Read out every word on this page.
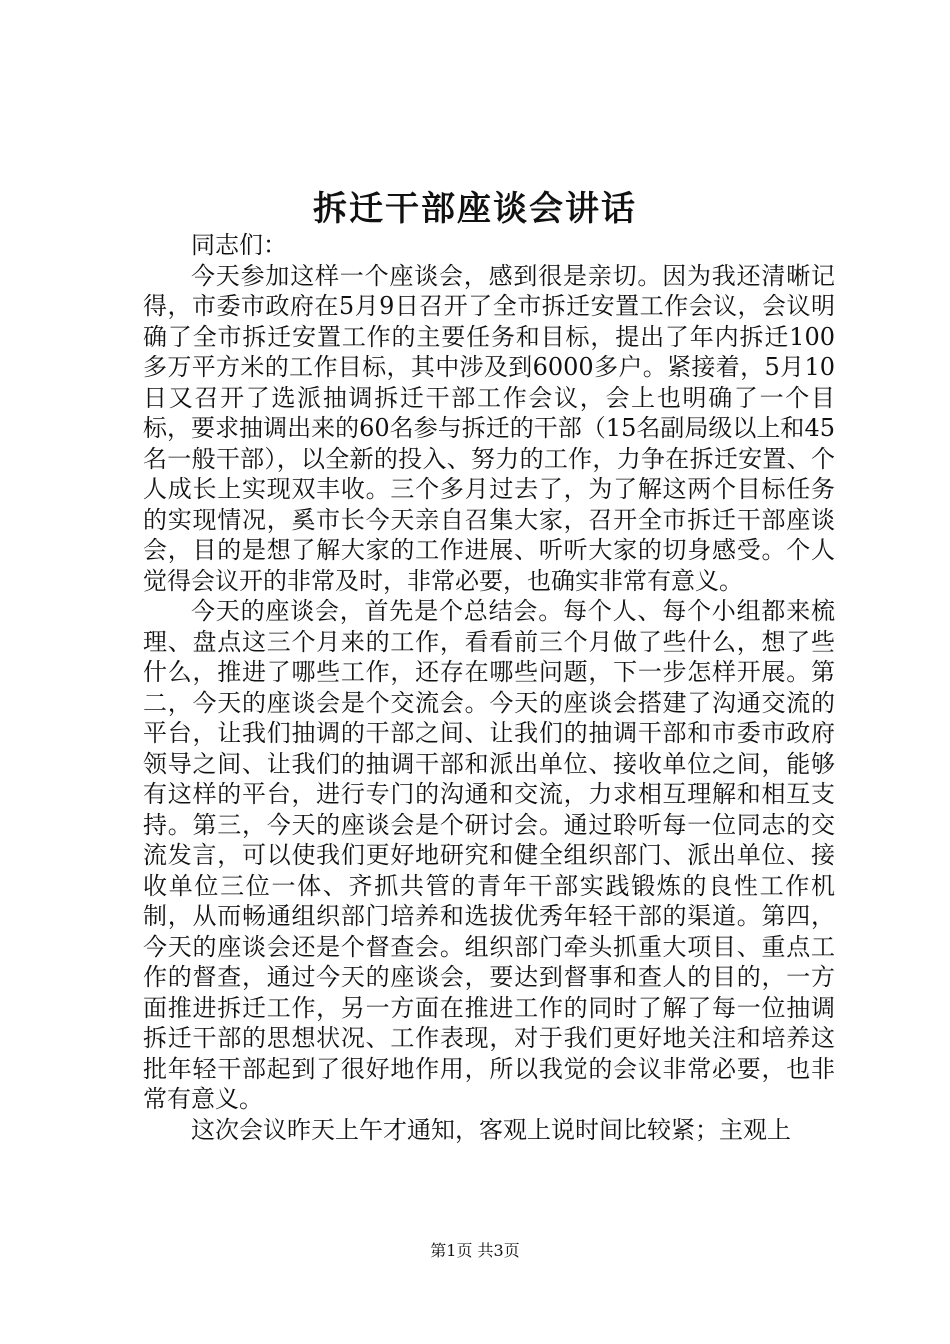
拆迁干部座谈会讲话

同志们：

今天参加这样一个座谈会，感到很是亲切。因为我还清晰记得，市委市政府在5月9日召开了全市拆迁安置工作会议，会议明确了全市拆迁安置工作的主要任务和目标，提出了年内拆迁100多万平方米的工作目标，其中涉及到6000多户。紧接着，5月10日又召开了选派抽调拆迁干部工作会议，会上也明确了一个目标，要求抽调出来的60名参与拆迁的干部（15名副局级以上和45名一般干部），以全新的投入、努力的工作，力争在拆迁安置、个人成长上实现双丰收。三个多月过去了，为了解这两个目标任务的实现情况，奚市长今天亲自召集大家，召开全市拆迁干部座谈会，目的是想了解大家的工作进展、听听大家的切身感受。个人觉得会议开的非常及时，非常必要，也确实非常有意义。

今天的座谈会，首先是个总结会。每个人、每个小组都来梳理、盘点这三个月来的工作，看看前三个月做了些什么，想了些什么，推进了哪些工作，还存在哪些问题，下一步怎样开展。第二，今天的座谈会是个交流会。今天的座谈会搭建了沟通交流的平台，让我们抽调的干部之间、让我们的抽调干部和市委市政府领导之间、让我们的抽调干部和派出单位、接收单位之间，能够有这样的平台，进行专门的沟通和交流，力求相互理解和相互支持。第三，今天的座谈会是个研讨会。通过聆听每一位同志的交流发言，可以使我们更好地研究和健全组织部门、派出单位、接收单位三位一体、齐抓共管的青年干部实践锻炼的良性工作机制，从而畅通组织部门培养和选拔优秀年轻干部的渠道。第四，今天的座谈会还是个督查会。组织部门牵头抓重大项目、重点工作的督查，通过今天的座谈会，要达到督事和查人的目的，一方面推进拆迁工作，另一方面在推进工作的同时了解了每一位抽调拆迁干部的思想状况、工作表现，对于我们更好地关注和培养这批年轻干部起到了很好地作用，所以我觉的会议非常必要，也非常有意义。

这次会议昨天上午才通知，客观上说时间比较紧；主观上

第1页 共3页
